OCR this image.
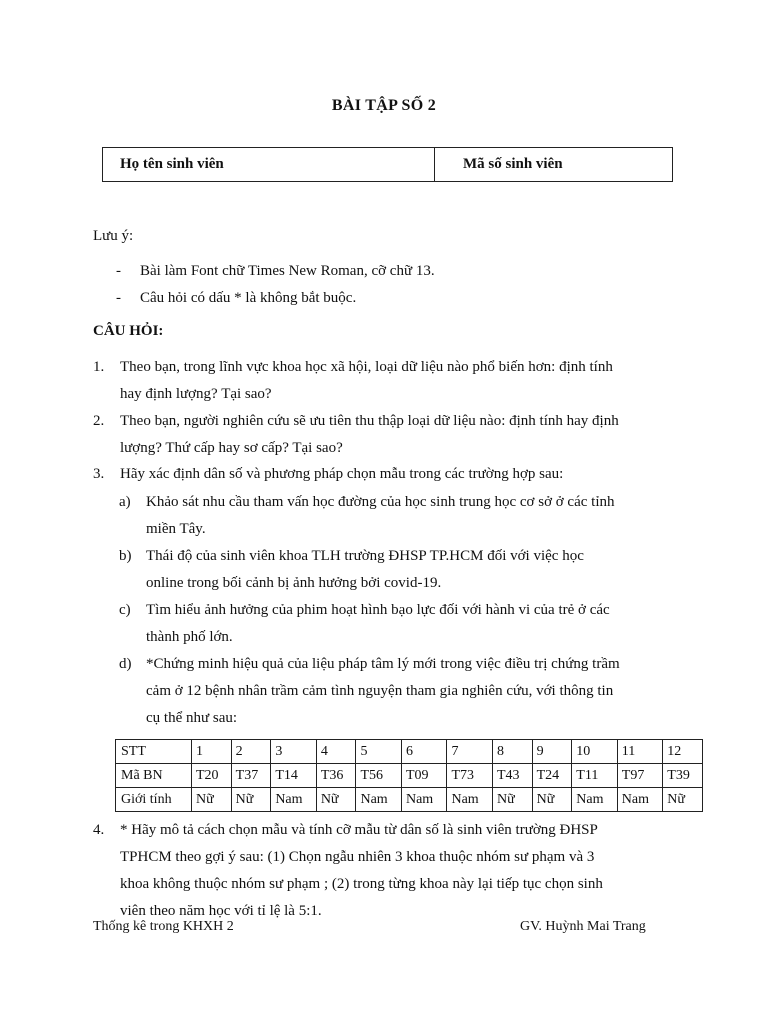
BÀI TẬP SỐ 2
Họ tên sinh viên	Mã số sinh viên
Lưu ý:
-	Bài làm Font chữ Times New Roman, cỡ chữ 13.
-	Câu hỏi có dấu * là không bắt buộc.
CÂU HỎI:
1.	Theo bạn, trong lĩnh vực khoa học xã hội, loại dữ liệu nào phổ biến hơn: định tính
hay định lượng? Tại sao?
2.	Theo bạn, người nghiên cứu sẽ ưu tiên thu thập loại dữ liệu nào: định tính hay định
lượng? Thứ cấp hay sơ cấp? Tại sao?
3.	Hãy xác định dân số và phương pháp chọn mẫu trong các trường hợp sau:
a)	Khảo sát nhu cầu tham vấn học đường của học sinh trung học cơ sở ở các tỉnh
miền Tây.
b) Thái độ của sinh viên khoa TLH trường ĐHSP TP.HCM đối với việc học
online trong bối cảnh bị ảnh hưởng bởi covid-19.
c)	Tìm hiểu ảnh hưởng của phim hoạt hình bạo lực đối với hành vi của trẻ ở các
thành phố lớn.
d) *Chứng minh hiệu quả của liệu pháp tâm lý mới trong việc điều trị chứng trầm
cảm ở 12 bệnh nhân trầm cảm tình nguyện tham gia nghiên cứu, với thông tin
cụ thể như sau:
STT	1	2	3	4	5	6	7	8	9	10	11	12
Mã BN	T20	T37	T14	T36	T56	T09	T73	T43	T24	T11	T97	T39
Giới tính	Nữ	Nữ	Nam	Nữ	Nam	Nam	Nam	Nữ	Nữ	Nam	Nam	Nữ
4.	* Hãy mô tả cách chọn mẫu và tính cỡ mẫu từ dân số là sinh viên trường ĐHSP
TPHCM theo gợi ý sau: (1) Chọn ngẫu nhiên 3 khoa thuộc nhóm sư phạm và 3
khoa không thuộc nhóm sư phạm ; (2) trong từng khoa này lại tiếp tục chọn sinh
viên theo năm học với tỉ lệ là 5:1.
Thống kê trong KHXH 2	GV. Huỳnh Mai Trang
